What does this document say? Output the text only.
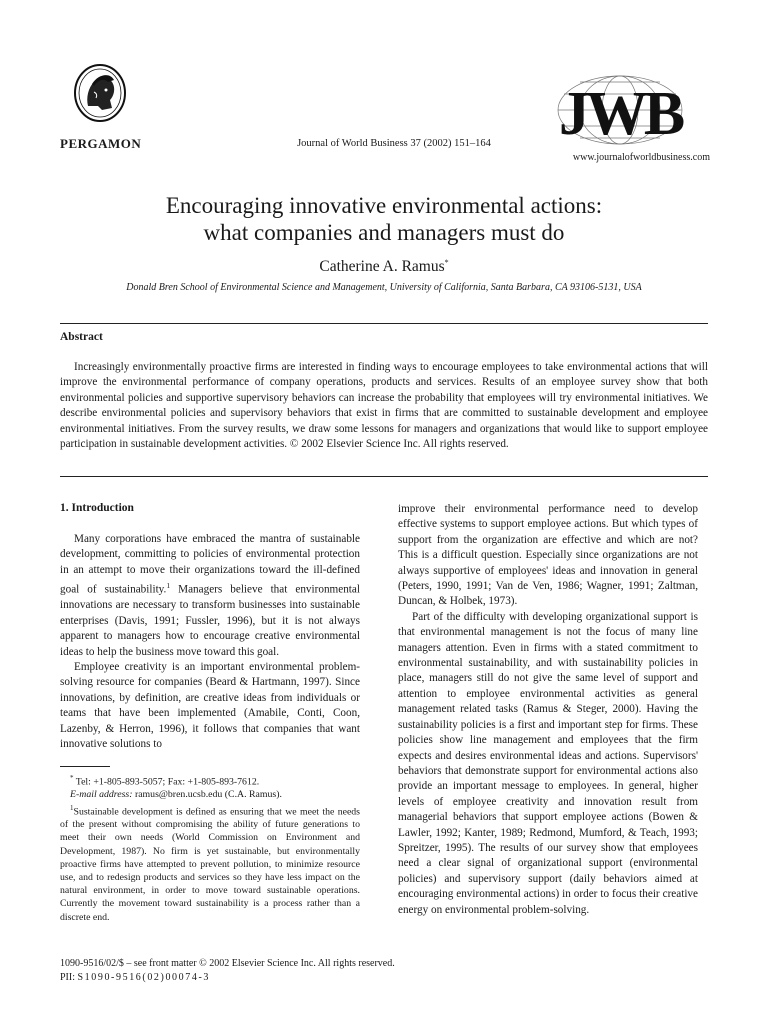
PERGAMON	Journal of World Business 37 (2002) 151–164	JWB
www.journalofworldbusiness.com
Encouraging innovative environmental actions:
what companies and managers must do
Catherine A. Ramus*
Donald Bren School of Environmental Science and Management, University of California, Santa Barbara, CA 93106-5131, USA
Abstract

Increasingly environmentally proactive firms are interested in finding ways to encourage employees to take environmental actions that will improve the environmental performance of company operations, products and services. Results of an employee survey show that both environmental policies and supportive supervisory behaviors can increase the probability that employees will try environmental initiatives. We describe environmental policies and supervisory behaviors that exist in firms that are committed to sustainable development and employee environmental initiatives. From the survey results, we draw some lessons for managers and organizations that would like to support employee participation in sustainable development activities. © 2002 Elsevier Science Inc. All rights reserved.

1. Introduction

Many corporations have embraced the mantra of sustainable development, committing to policies of environmental protection in an attempt to move their organizations toward the ill-defined goal of sustainability.$^1$ Managers believe that environmental innovations are necessary to transform businesses into sustainable enterprises (Davis, 1991; Fussler, 1996), but it is not always apparent to managers how to encourage creative environmental ideas to help the business move toward this goal.

Employee creativity is an important environmental problem-solving resource for companies (Beard & Hartmann, 1997). Since innovations, by definition, are creative ideas from individuals or teams that have been implemented (Amabile, Conti, Coon, Lazenby, & Herron, 1996), it follows that companies that want innovative solutions to

improve their environmental performance need to develop effective systems to support employee actions. But which types of support from the organization are effective and which are not? This is a difficult question. Especially since organizations are not always supportive of employees' ideas and innovation in general (Peters, 1990, 1991; Van de Ven, 1986; Wagner, 1991; Zaltman, Duncan, & Holbek, 1973).

Part of the difficulty with developing organizational support is that environmental management is not the focus of many line managers attention. Even in firms with a stated commitment to environmental sustainability, and with sustainability policies in place, managers still do not give the same level of support and attention to employee environmental activities as general management related tasks (Ramus & Steger, 2000). Having the sustainability policies is a first and important step for firms. These policies show line management and employees that the firm expects and desires environmental ideas and actions. Supervisors' behaviors that demonstrate support for environmental actions also provide an important message to employees. In general, higher levels of employee creativity and innovation result from managerial behaviors that support employee actions (Bowen & Lawler, 1992; Kanter, 1989; Redmond, Mumford, & Teach, 1993; Spreitzer, 1995). The results of our survey show that employees need a clear signal of organizational support (environmental policies) and supervisory support (daily behaviors aimed at encouraging environmental actions) in order to focus their creative energy on environmental problem-solving.

* Tel: +1-805-893-5057; Fax: +1-805-893-7612.

E-mail address: ramus@bren.ucsb.edu (C.A. Ramus).

$^1$Sustainable development is defined as ensuring that we meet the needs of the present without compromising the ability of future generations to meet their own needs (World Commission on Environment and Development, 1987). No firm is yet sustainable, but environmentally proactive firms have attempted to prevent pollution, to minimize resource use, and to redesign products and services so they have less impact on the natural environment, in order to move toward sustainable operations. Currently the movement toward sustainability is a process rather than a discrete end.

1090-9516/02/$ – see front matter © 2002 Elsevier Science Inc. All rights reserved.
PII: S1090-9516(02)00074-3
